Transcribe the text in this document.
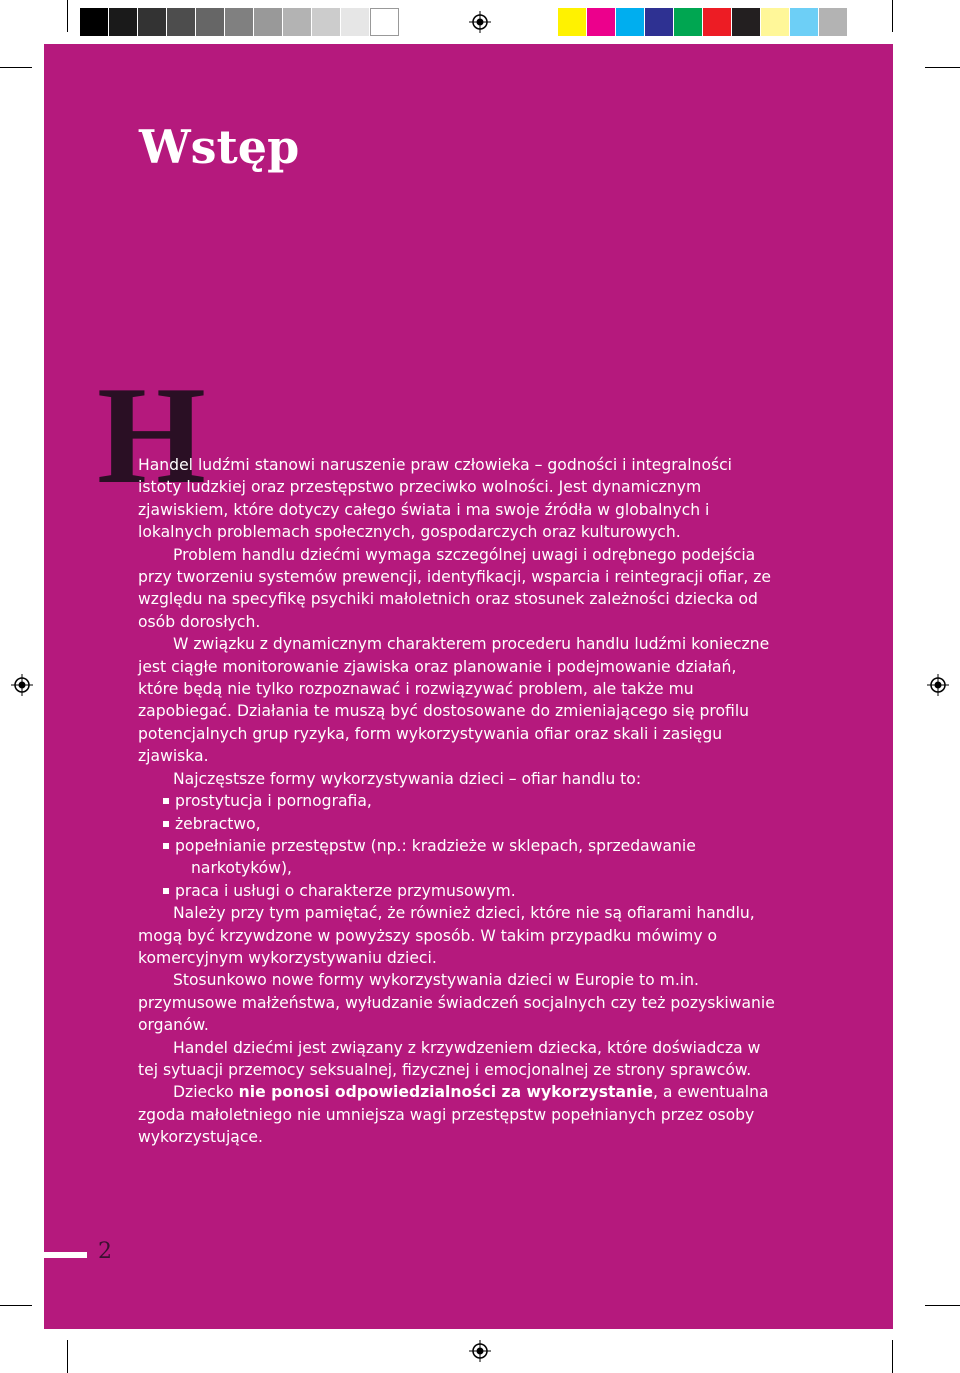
Wstęp
H

Handel ludźmi stanowi naruszenie praw człowieka – godności i integralności istoty ludzkiej oraz przestępstwo przeciwko wolności. Jest dynamicznym zjawiskiem, które dotyczy całego świata i ma swoje źródła w globalnych i lokalnych problemach społecznych, gospodarczych oraz kulturowych.

Problem handlu dziećmi wymaga szczególnej uwagi i odrębnego podejścia przy tworzeniu systemów prewencji, identyfikacji, wsparcia i reintegracji ofiar, ze względu na specyfikę psychiki małoletnich oraz stosunek zależności dziecka od osób dorosłych.

W związku z dynamicznym charakterem procederu handlu ludźmi konieczne jest ciągłe monitorowanie zjawiska oraz planowanie i podejmowanie działań, które będą nie tylko rozpoznawać i rozwiązywać problem, ale także mu zapobiegać. Działania te muszą być dostosowane do zmieniającego się profilu potencjalnych grup ryzyka, form wykorzystywania ofiar oraz skali i zasięgu zjawiska.

Najczęstsze formy wykorzystywania dzieci – ofiar handlu to:

prostytucja i pornografia,
żebractwo,
popełnianie przestępstw (np.: kradzieże w sklepach, sprzedawanie
narkotyków),
praca i usługi o charakterze przymusowym.

Należy przy tym pamiętać, że również dzieci, które nie są ofiarami handlu, mogą być krzywdzone w powyższy sposób. W takim przypadku mówimy o komercyjnym wykorzystywaniu dzieci.

Stosunkowo nowe formy wykorzystywania dzieci w Europie to m.in. przymusowe małżeństwa, wyłudzanie świadczeń socjalnych czy też pozyskiwanie organów.

Handel dziećmi jest związany z krzywdzeniem dziecka, które doświadcza w tej sytuacji przemocy seksualnej, fizycznej i emocjonalnej ze strony sprawców.

Dziecko nie ponosi odpowiedzialności za wykorzystanie, a ewentualna zgoda małoletniego nie umniejsza wagi przestępstw popełnianych przez osoby wykorzystujące.

2
